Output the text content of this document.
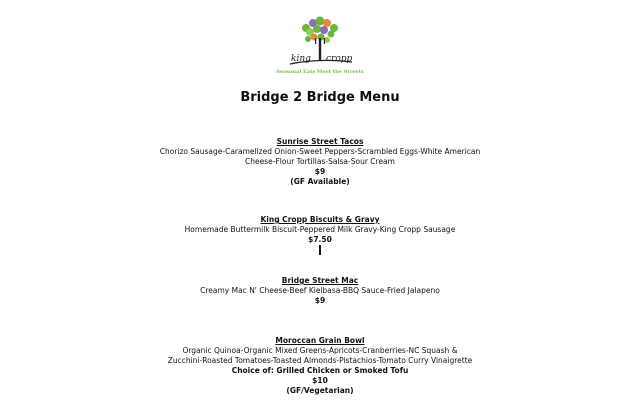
king cropp
Seasonal Eats Meet the Streets
Bridge 2 Bridge Menu
Sunrise Street Tacos
Chorizo Sausage-Caramelized Onion-Sweet Peppers-Scrambled Eggs-White American
Cheese-Flour Tortillas-Salsa-Sour Cream
$9
(GF Available)
King Cropp Biscuits & Gravy
Homemade Buttermilk Biscuit-Peppered Milk Gravy-King Cropp Sausage
$7.50
Bridge Street Mac
Creamy Mac N' Cheese-Beef Kielbasa-BBQ Sauce-Fried Jalapeno
$9
Moroccan Grain Bowl
Organic Quinoa-Organic Mixed Greens-Apricots-Cranberries-NC Squash &
Zucchini-Roasted Tomatoes-Toasted Almonds-Pistachios-Tomato Curry Vinaigrette
Choice of: Grilled Chicken or Smoked Tofu
$10
(GF/Vegetarian)
